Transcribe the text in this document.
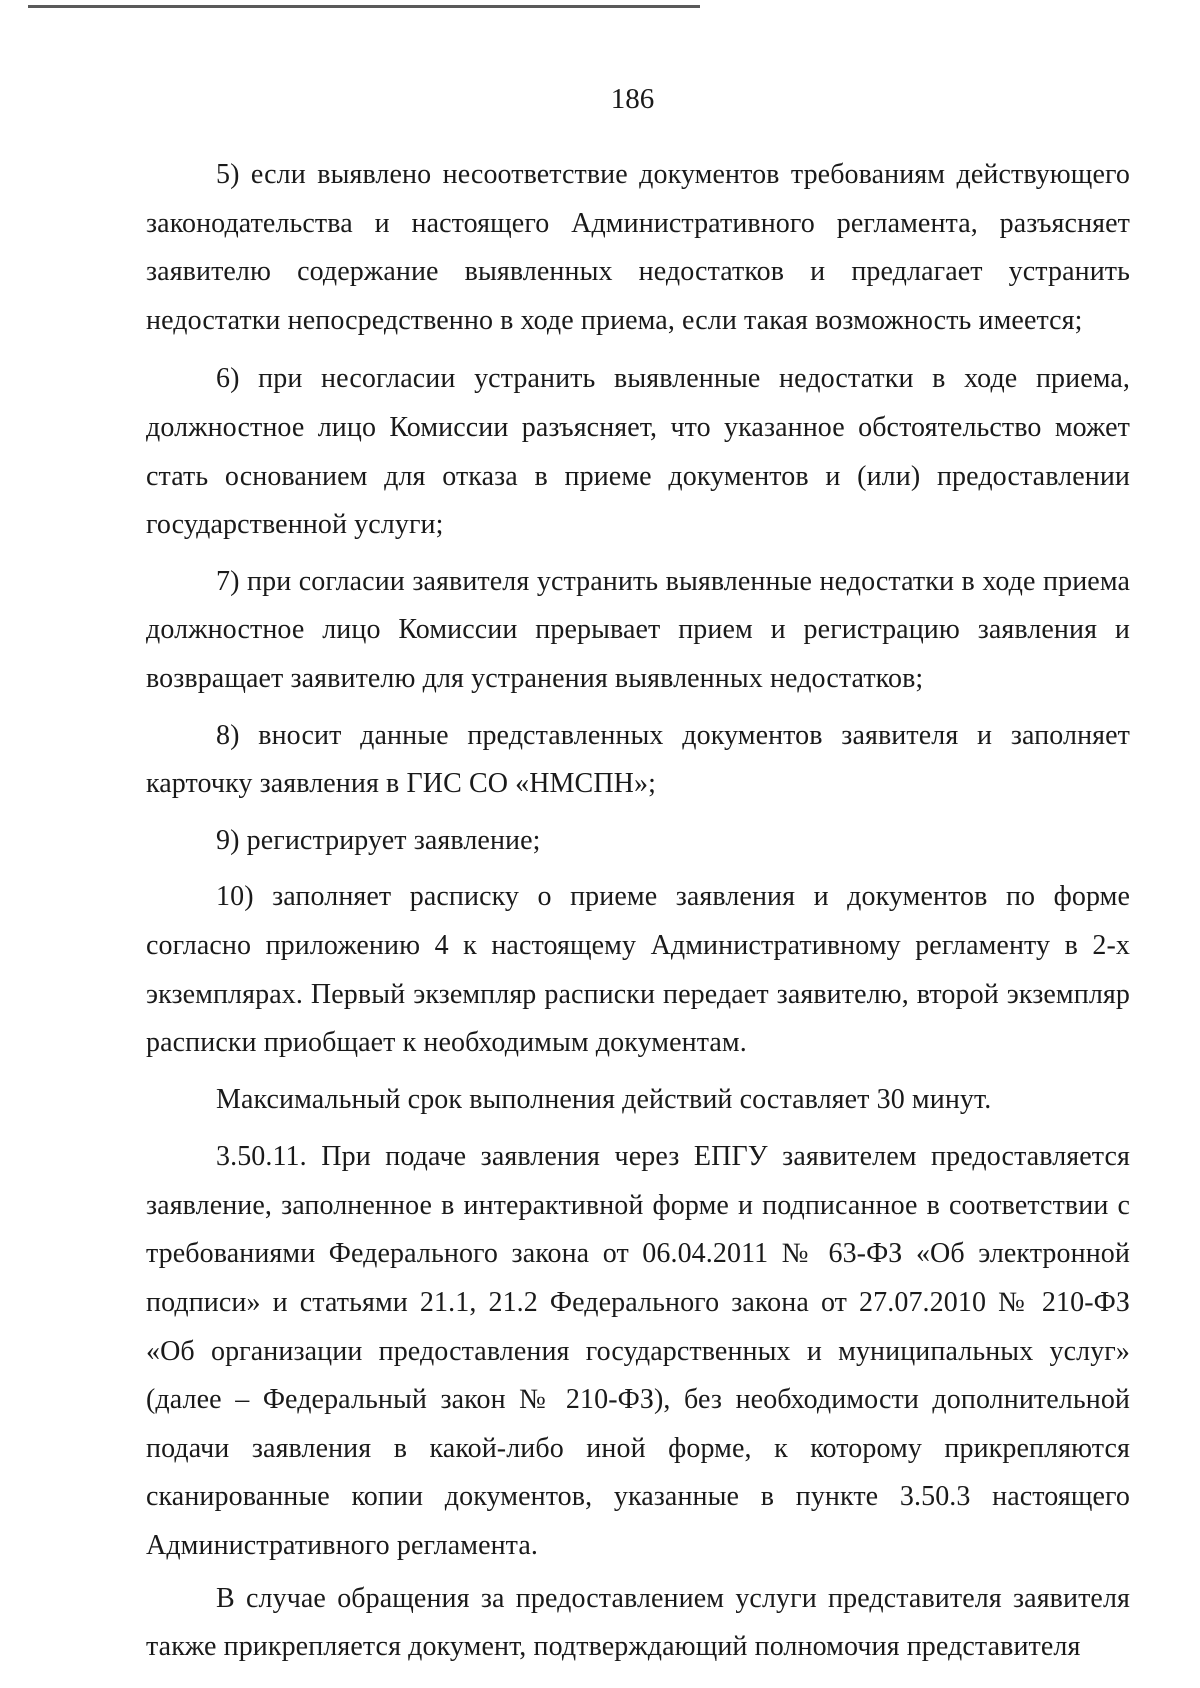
186

5) если выявлено несоответствие документов требованиям действующего законодательства и настоящего Административного регламента, разъясняет заявителю содержание выявленных недостатков и предлагает устранить недостатки непосредственно в ходе приема, если такая возможность имеется;

6) при несогласии устранить выявленные недостатки в ходе приема, должностное лицо Комиссии разъясняет, что указанное обстоятельство может стать основанием для отказа в приеме документов и (или) предоставлении государственной услуги;

7) при согласии заявителя устранить выявленные недостатки в ходе приема должностное лицо Комиссии прерывает прием и регистрацию заявления и возвращает заявителю для устранения выявленных недостатков;

8) вносит данные представленных документов заявителя и заполняет карточку заявления в ГИС СО «НМСПН»;

9) регистрирует заявление;

10) заполняет расписку о приеме заявления и документов по форме согласно приложению 4 к настоящему Административному регламенту в 2-х экземплярах. Первый экземпляр расписки передает заявителю, второй экземпляр расписки приобщает к необходимым документам.

Максимальный срок выполнения действий составляет 30 минут.

3.50.11. При подаче заявления через ЕПГУ заявителем предоставляется заявление, заполненное в интерактивной форме и подписанное в соответствии с требованиями Федерального закона от 06.04.2011 № 63-ФЗ «Об электронной подписи» и статьями 21.1, 21.2 Федерального закона от 27.07.2010 № 210-ФЗ «Об организации предоставления государственных и муниципальных услуг» (далее – Федеральный закон № 210-ФЗ), без необходимости дополнительной подачи заявления в какой-либо иной форме, к которому прикрепляются сканированные копии документов, указанные в пункте 3.50.3 настоящего Административного регламента.

В случае обращения за предоставлением услуги представителя заявителя также прикрепляется документ, подтверждающий полномочия представителя
